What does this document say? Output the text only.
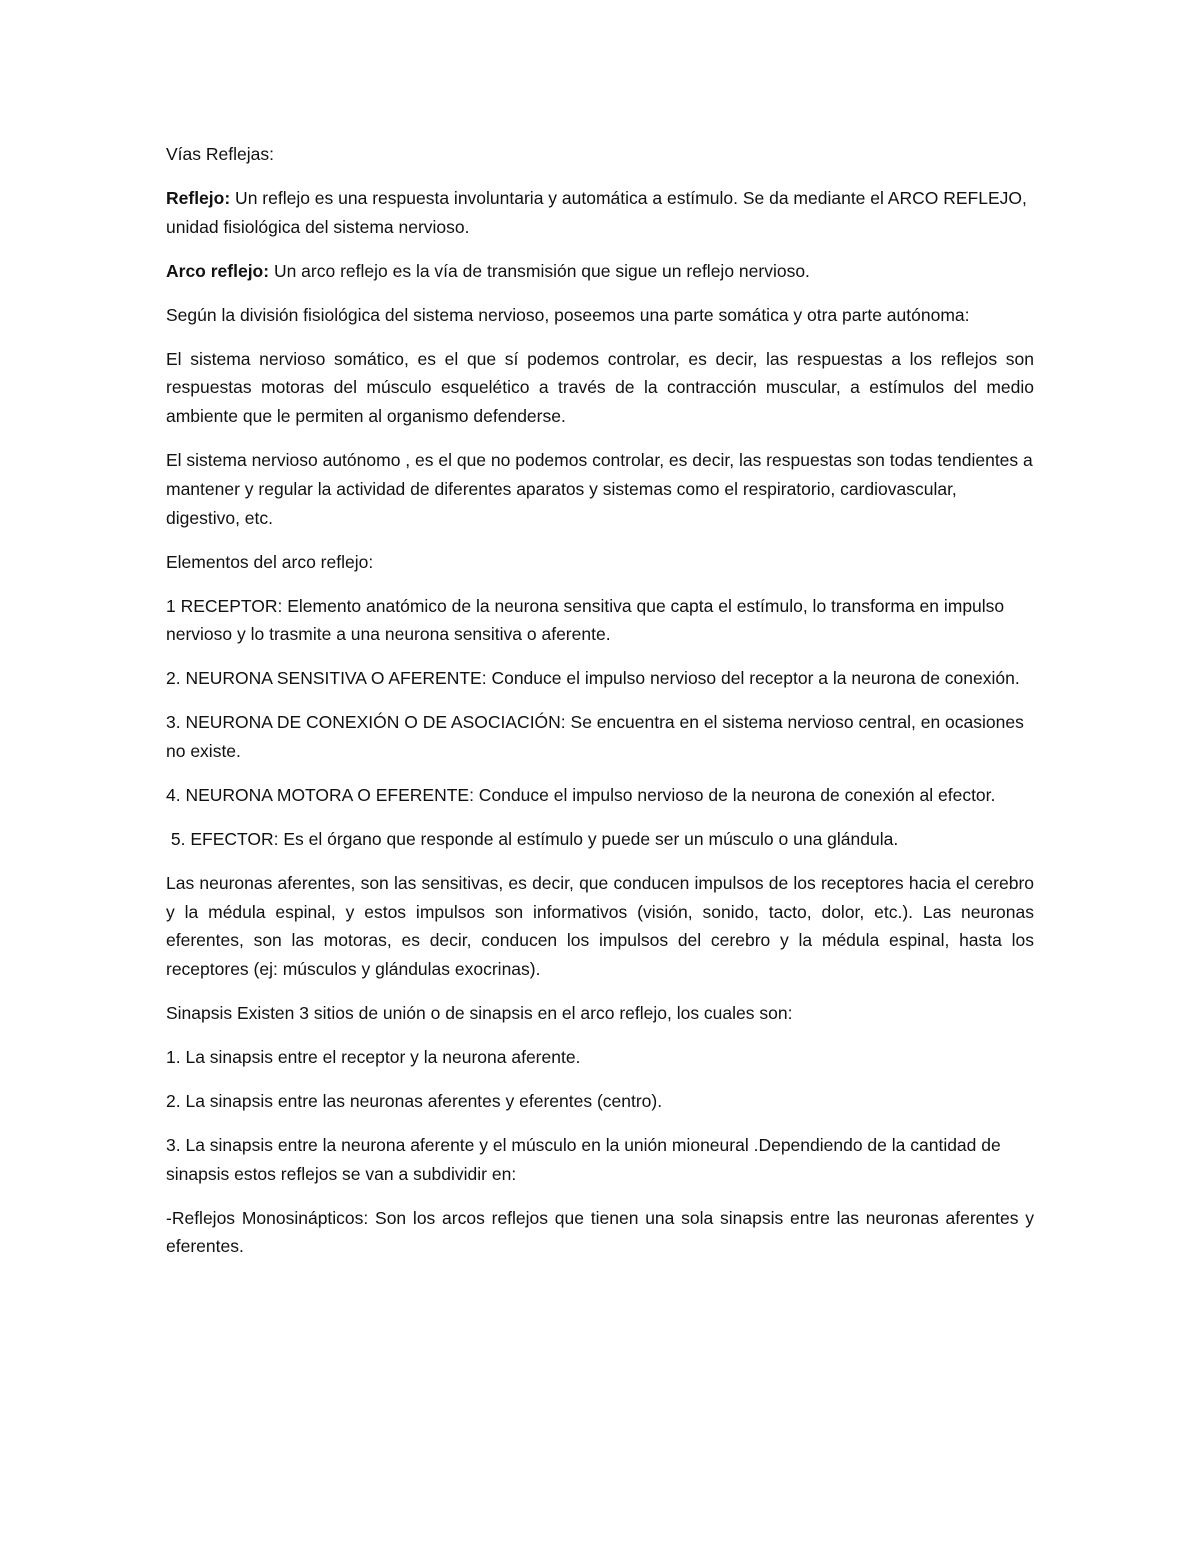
Vías Reflejas:

Reflejo: Un reflejo es una respuesta involuntaria y automática a estímulo. Se da mediante el ARCO REFLEJO, unidad fisiológica del sistema nervioso.

Arco reflejo: Un arco reflejo es la vía de transmisión que sigue un reflejo nervioso.

Según la división fisiológica del sistema nervioso, poseemos una parte somática y otra parte autónoma:

El sistema nervioso somático, es el que sí podemos controlar, es decir, las respuestas a los reflejos son respuestas motoras del músculo esquelético a través de la contracción muscular, a estímulos del medio ambiente que le permiten al organismo defenderse.

El sistema nervioso autónomo , es el que no podemos controlar, es decir, las respuestas son todas tendientes a mantener y regular la actividad de diferentes aparatos y sistemas como el respiratorio, cardiovascular, digestivo, etc.

Elementos del arco reflejo:

1 RECEPTOR: Elemento anatómico de la neurona sensitiva que capta el estímulo, lo transforma en impulso nervioso y lo trasmite a una neurona sensitiva o aferente.

2. NEURONA SENSITIVA O AFERENTE: Conduce el impulso nervioso del receptor a la neurona de conexión.

3. NEURONA DE CONEXIÓN O DE ASOCIACIÓN: Se encuentra en el sistema nervioso central, en ocasiones no existe.

4. NEURONA MOTORA O EFERENTE: Conduce el impulso nervioso de la neurona de conexión al efector.

5. EFECTOR: Es el órgano que responde al estímulo y puede ser un músculo o una glándula.

Las neuronas aferentes, son las sensitivas, es decir, que conducen impulsos de los receptores hacia el cerebro y la médula espinal, y estos impulsos son informativos (visión, sonido, tacto, dolor, etc.). Las neuronas eferentes, son las motoras, es decir, conducen los impulsos del cerebro y la médula espinal, hasta los receptores (ej: músculos y glándulas exocrinas).

Sinapsis Existen 3 sitios de unión o de sinapsis en el arco reflejo, los cuales son:

1. La sinapsis entre el receptor y la neurona aferente.

2. La sinapsis entre las neuronas aferentes y eferentes (centro).

3. La sinapsis entre la neurona aferente y el músculo en la unión mioneural .Dependiendo de la cantidad de sinapsis estos reflejos se van a subdividir en:

-Reflejos Monosinápticos: Son los arcos reflejos que tienen una sola sinapsis entre las neuronas aferentes y eferentes.
